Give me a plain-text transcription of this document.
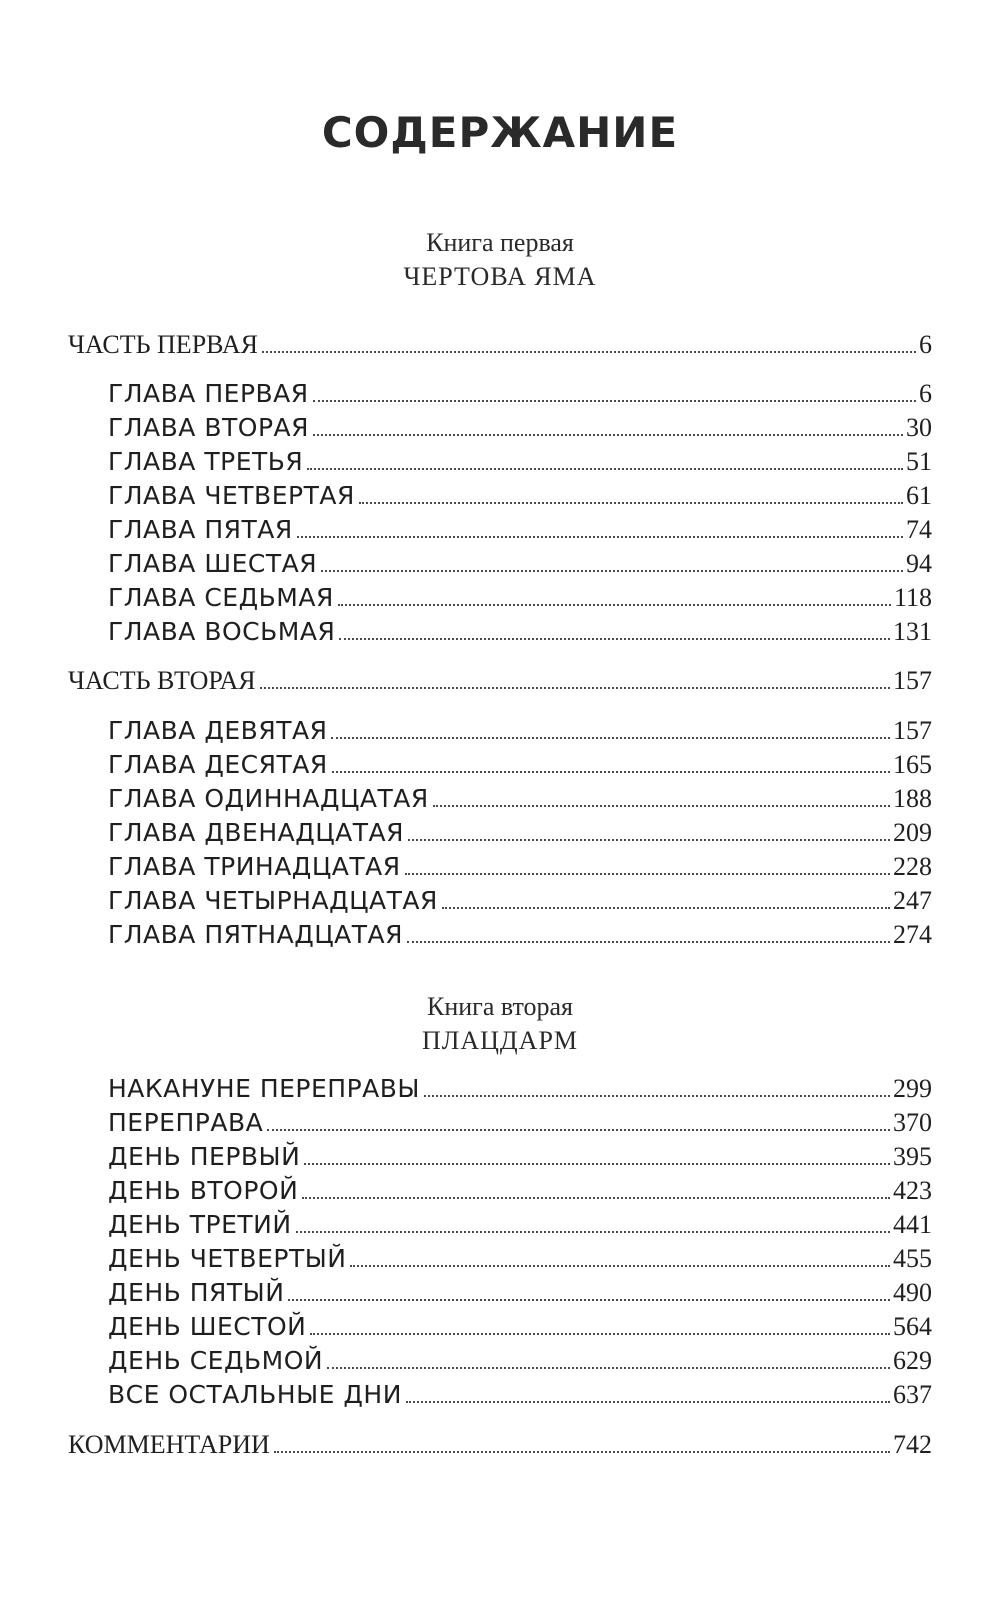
СОДЕРЖАНИЕ
Книга первая
ЧЕРТОВА ЯМА
ЧАСТЬ ПЕРВАЯ	6
ГЛАВА ПЕРВАЯ	6
ГЛАВА ВТОРАЯ	30
ГЛАВА ТРЕТЬЯ	51
ГЛАВА ЧЕТВЕРТАЯ	61
ГЛАВА ПЯТАЯ	74
ГЛАВА ШЕСТАЯ	94
ГЛАВА СЕДЬМАЯ	118
ГЛАВА ВОСЬМАЯ	131
ЧАСТЬ ВТОРАЯ	157
ГЛАВА ДЕВЯТАЯ	157
ГЛАВА ДЕСЯТАЯ	165
ГЛАВА ОДИННАДЦАТАЯ	188
ГЛАВА ДВЕНАДЦАТАЯ	209
ГЛАВА ТРИНАДЦАТАЯ	228
ГЛАВА ЧЕТЫРНАДЦАТАЯ	247
ГЛАВА ПЯТНАДЦАТАЯ	274
Книга вторая
ПЛАЦДАРМ
НАКАНУНЕ ПЕРЕПРАВЫ	299
ПЕРЕПРАВА	370
ДЕНЬ ПЕРВЫЙ	395
ДЕНЬ ВТОРОЙ	423
ДЕНЬ ТРЕТИЙ	441
ДЕНЬ ЧЕТВЕРТЫЙ	455
ДЕНЬ ПЯТЫЙ	490
ДЕНЬ ШЕСТОЙ	564
ДЕНЬ СЕДЬМОЙ	629
ВСЕ ОСТАЛЬНЫЕ ДНИ	637
КОММЕНТАРИИ	742
